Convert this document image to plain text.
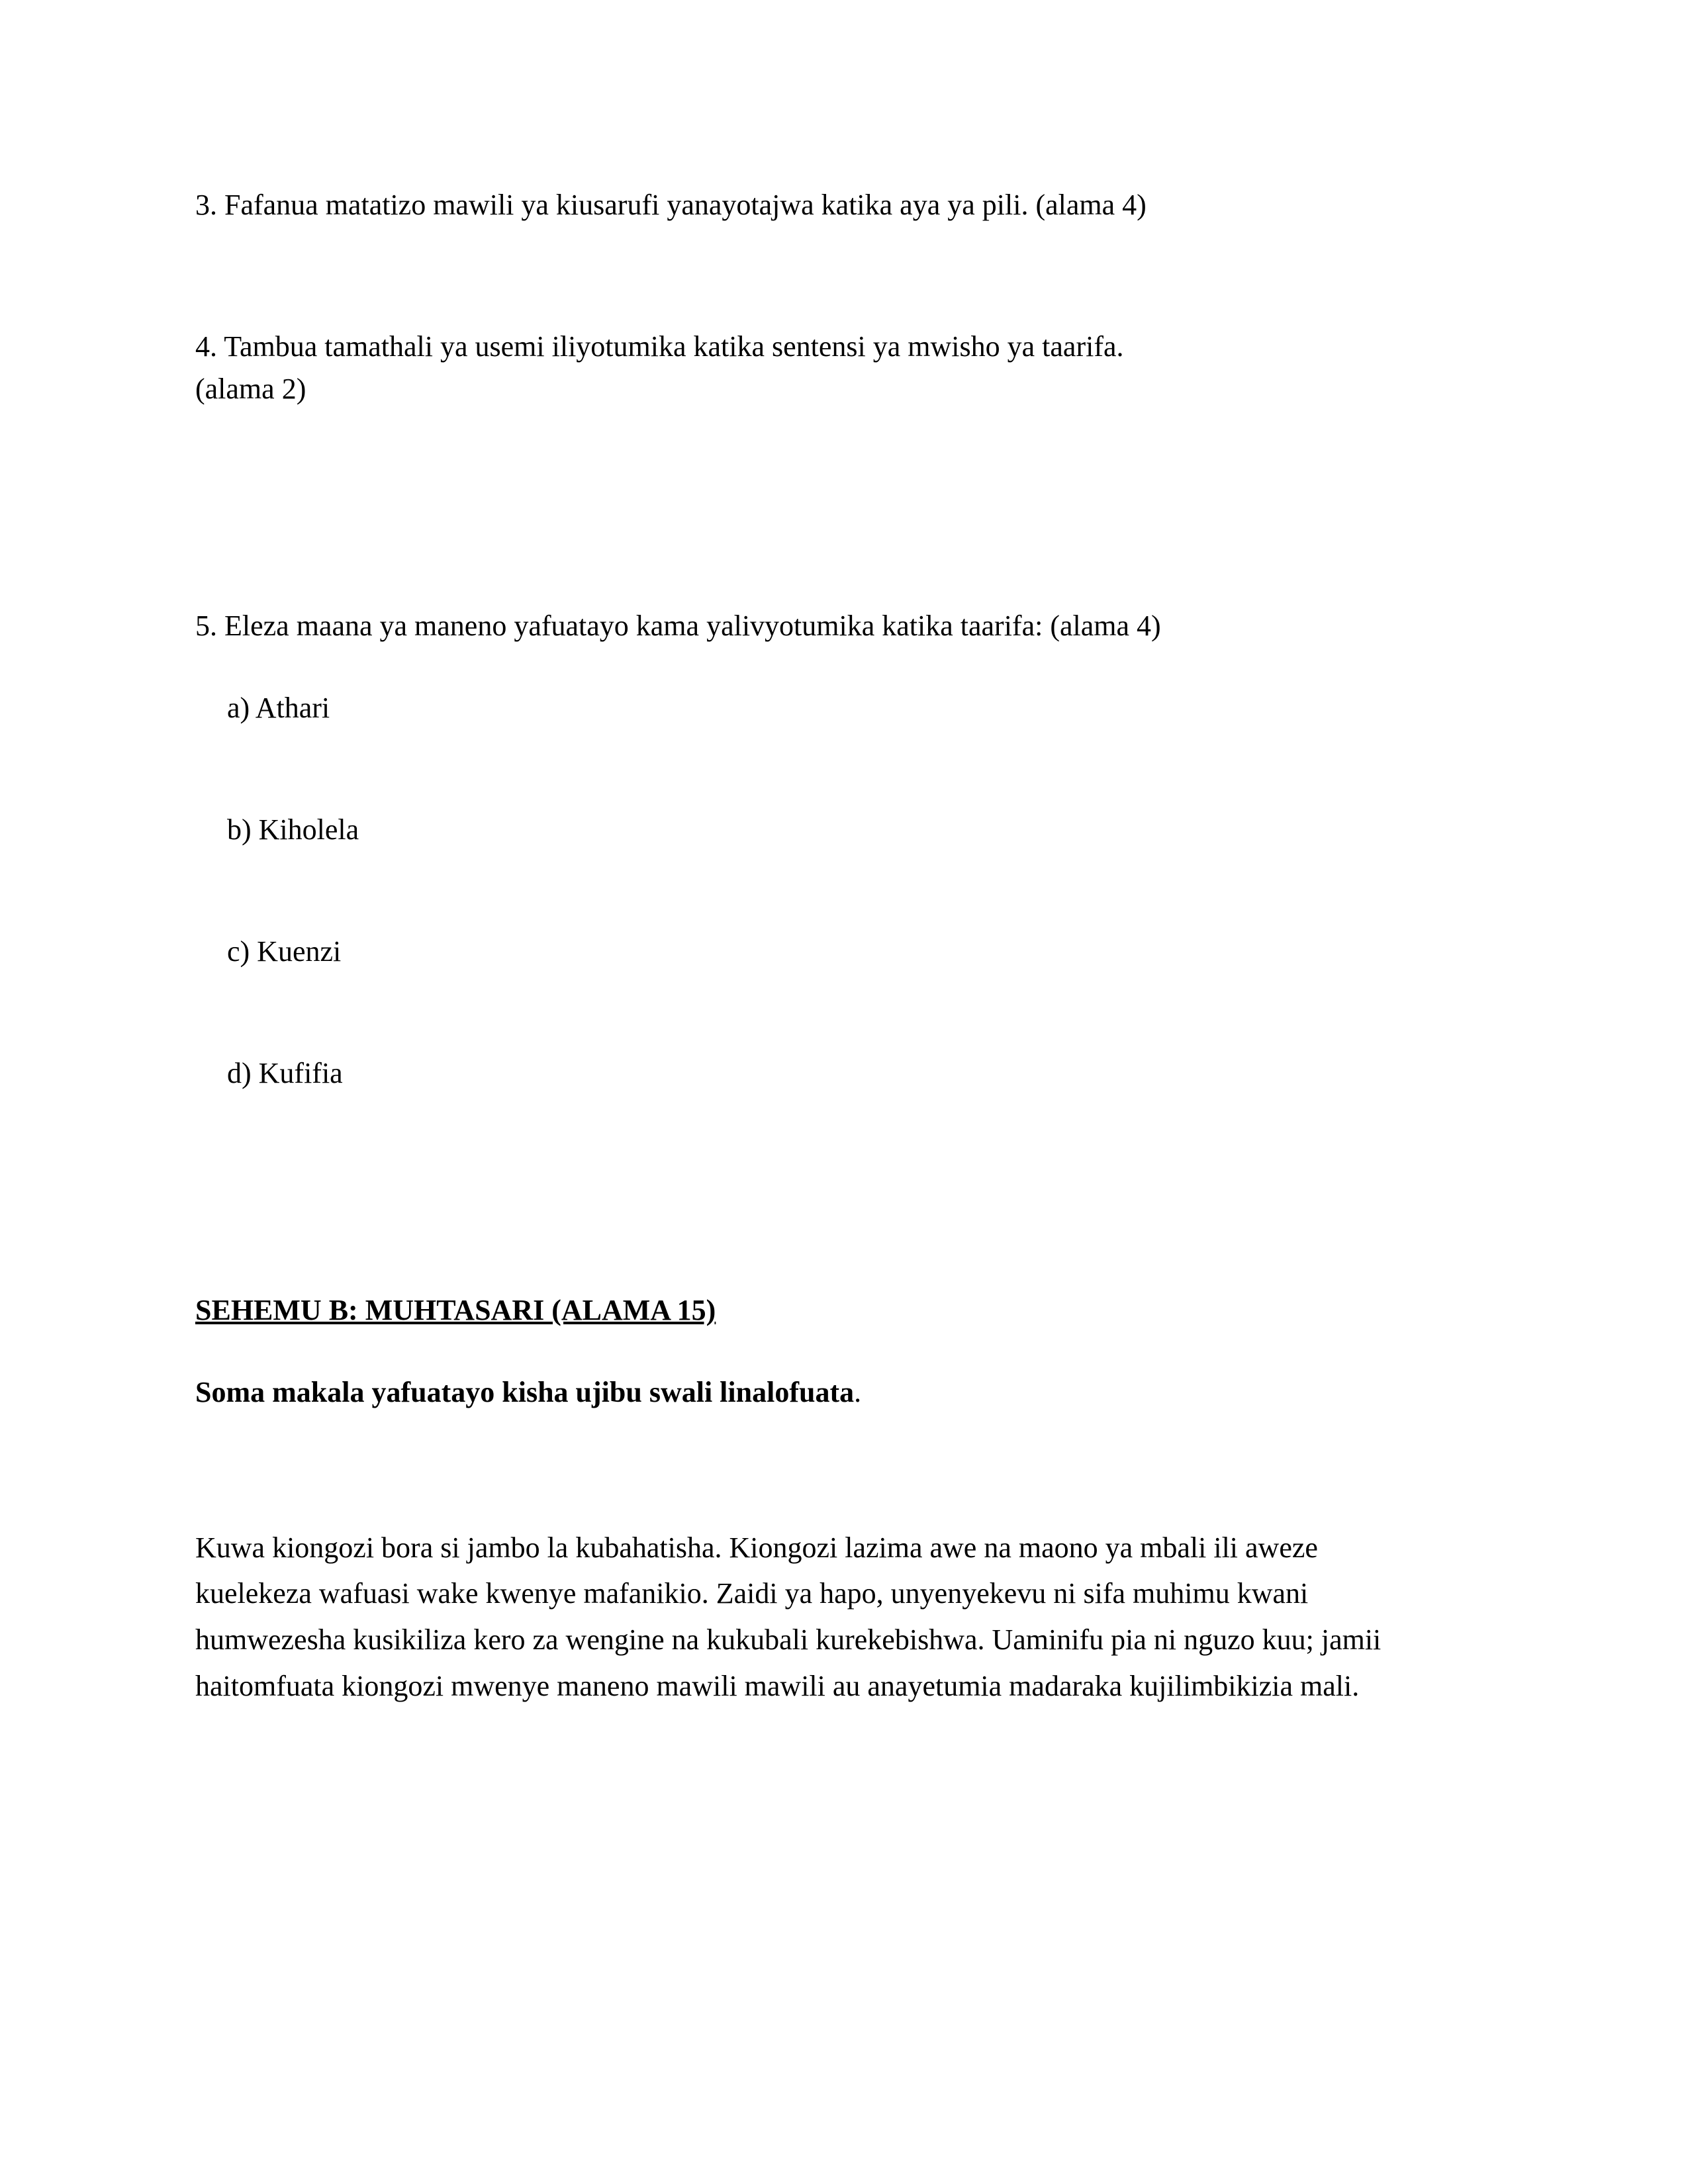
3. Fafanua matatizo mawili ya kiusarufi yanayotajwa katika aya ya pili. (alama 4)

4. Tambua tamathali ya usemi iliyotumika katika sentensi ya mwisho ya taarifa.

(alama 2)

5. Eleza maana ya maneno yafuatayo kama yalivyotumika katika taarifa: (alama 4)

a) Athari

b) Kiholela

c) Kuenzi

d) Kufifia

SEHEMU B: MUHTASARI (ALAMA 15)

Soma makala yafuatayo kisha ujibu swali linalofuata.

Kuwa kiongozi bora si jambo la kubahatisha. Kiongozi lazima awe na maono ya mbali ili aweze kuelekeza wafuasi wake kwenye mafanikio. Zaidi ya hapo, unyenyekevu ni sifa muhimu kwani humwezesha kusikiliza kero za wengine na kukubali kurekebishwa. Uaminifu pia ni nguzo kuu; jamii haitomfuata kiongozi mwenye maneno mawili mawili au anayetumia madaraka kujilimbikizia mali.
